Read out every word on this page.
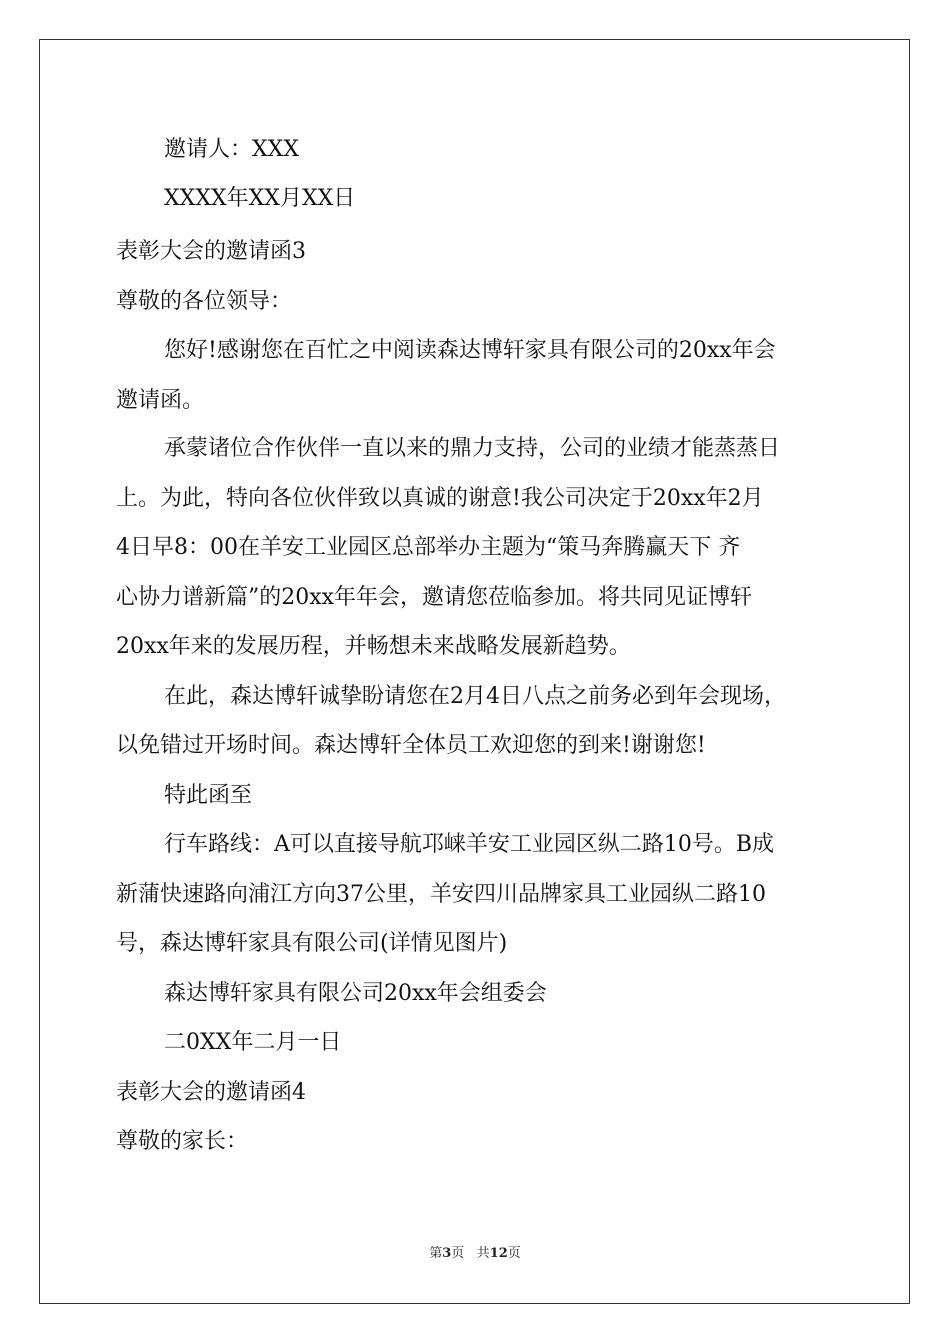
邀请人：XXX
XXXX年XX月XX日
表彰大会的邀请函3
尊敬的各位领导：
您好!感谢您在百忙之中阅读森达博轩家具有限公司的20xx年会
邀请函。
承蒙诸位合作伙伴一直以来的鼎力支持，公司的业绩才能蒸蒸日
上。为此，特向各位伙伴致以真诚的谢意!我公司决定于20xx年2月
4日早8：00在羊安工业园区总部举办主题为“策马奔腾赢天下 齐
心协力谱新篇”的20xx年年会，邀请您莅临参加。将共同见证博轩
20xx年来的发展历程，并畅想未来战略发展新趋势。
在此，森达博轩诚挚盼请您在2月4日八点之前务必到年会现场，
以免错过开场时间。森达博轩全体员工欢迎您的到来!谢谢您!
特此函至
行车路线：A可以直接导航邛崃羊安工业园区纵二路10号。B成
新蒲快速路向浦江方向37公里，羊安四川品牌家具工业园纵二路10
号，森达博轩家具有限公司(详情见图片)
森达博轩家具有限公司20xx年会组委会
二0XX年二月一日
表彰大会的邀请函4
尊敬的家长：
第3页 共12页
